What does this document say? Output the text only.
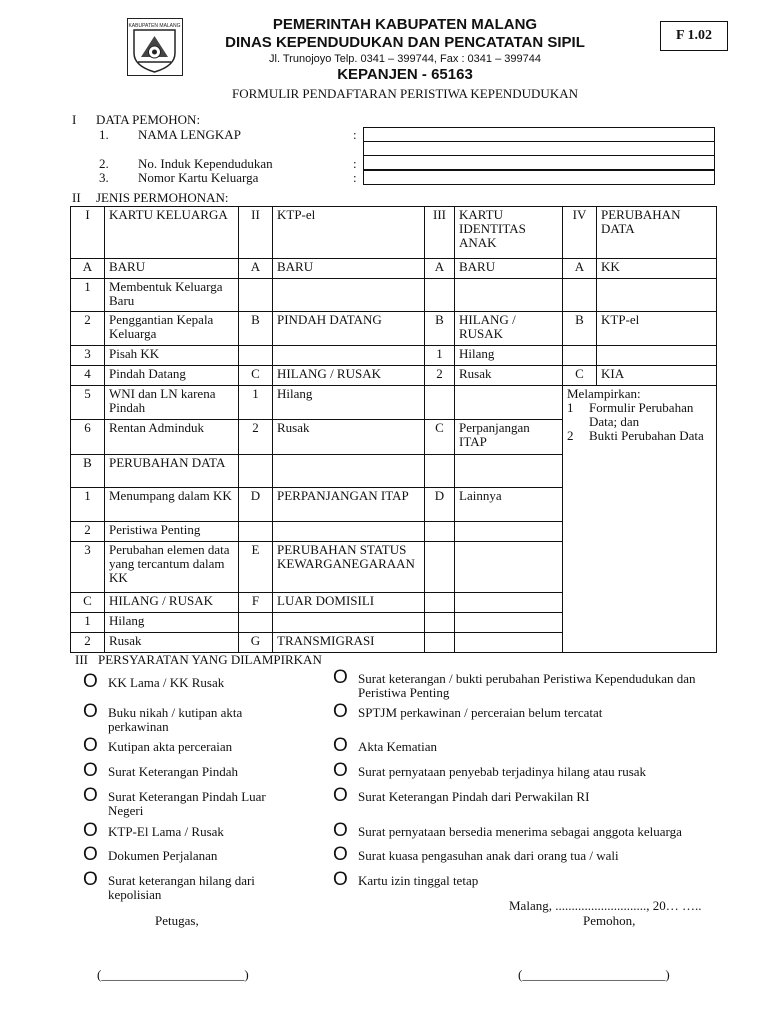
KABUPATEN MALANG	PEMERINTAH KABUPATEN MALANG
DINAS KEPENDUDUKAN DAN PENCATATAN SIPIL
Jl. Trunojoyo Telp. 0341 – 399744, Fax : 0341 – 399744
KEPANJEN - 65163
F 1.02
FORMULIR PENDAFTARAN PERISTIWA KEPENDUDUKAN
I DATA PEMOHON:
1. NAMA LENGKAP	:
2. No. Induk Kependudukan	:
3. Nomor Kartu Keluarga	:
II JENIS PERMOHONAN:
I	KARTU KELUARGA	II	KTP-el	III	KARTU IDENTITAS ANAK	IV	PERUBAHAN DATA
A	BARU	A	BARU	A	BARU	A	KK
1	Membentuk Keluarga Baru						
2	Penggantian Kepala Keluarga	B	PINDAH DATANG	B	HILANG / RUSAK	B	KTP-el
3	Pisah KK			1	Hilang		
4	Pindah Datang	C	HILANG / RUSAK	2	Rusak	C	KIA
5	WNI dan LN karena Pindah	1	Hilang			Melampirkan:
1 Formulir Perubahan Data; dan
2 Bukti Perubahan Data	

6	Rentan Adminduk	2	Rusak	C	Perpanjangan ITAP		
B	PERUBAHAN DATA						
1	Menumpang dalam KK	D	PERPANJANGAN ITAP	D	Lainnya		
2	Peristiwa Penting						
3	Perubahan elemen data yang tercantum dalam KK	E	PERUBAHAN STATUS KEWARGANEGARAAN				
C	HILANG / RUSAK	F	LUAR DOMISILI				
1	Hilang						
2	Rusak	G	TRANSMIGRASI				
III PERSYARATAN YANG DILAMPIRKAN
O KK Lama / KK Rusak
O Buku nikah / kutipan akta perkawinan
O Kutipan akta perceraian
O Surat Keterangan Pindah
O Surat Keterangan Pindah Luar Negeri
O KTP-El Lama / Rusak
O Dokumen Perjalanan
O Surat keterangan hilang dari kepolisian
O Surat keterangan / bukti perubahan Peristiwa Kependudukan dan Peristiwa Penting
O SPTJM perkawinan / perceraian belum tercatat
O Akta Kematian
O Surat pernyataan penyebab terjadinya hilang atau rusak
O Surat Keterangan Pindah dari Perwakilan RI
O Surat pernyataan bersedia menerima sebagai anggota keluarga
O Surat kuasa pengasuhan anak dari orang tua / wali
O Kartu izin tinggal tetap
Malang, ............................, 20… …..
Petugas,	Pemohon,
(______________________)	(______________________)
